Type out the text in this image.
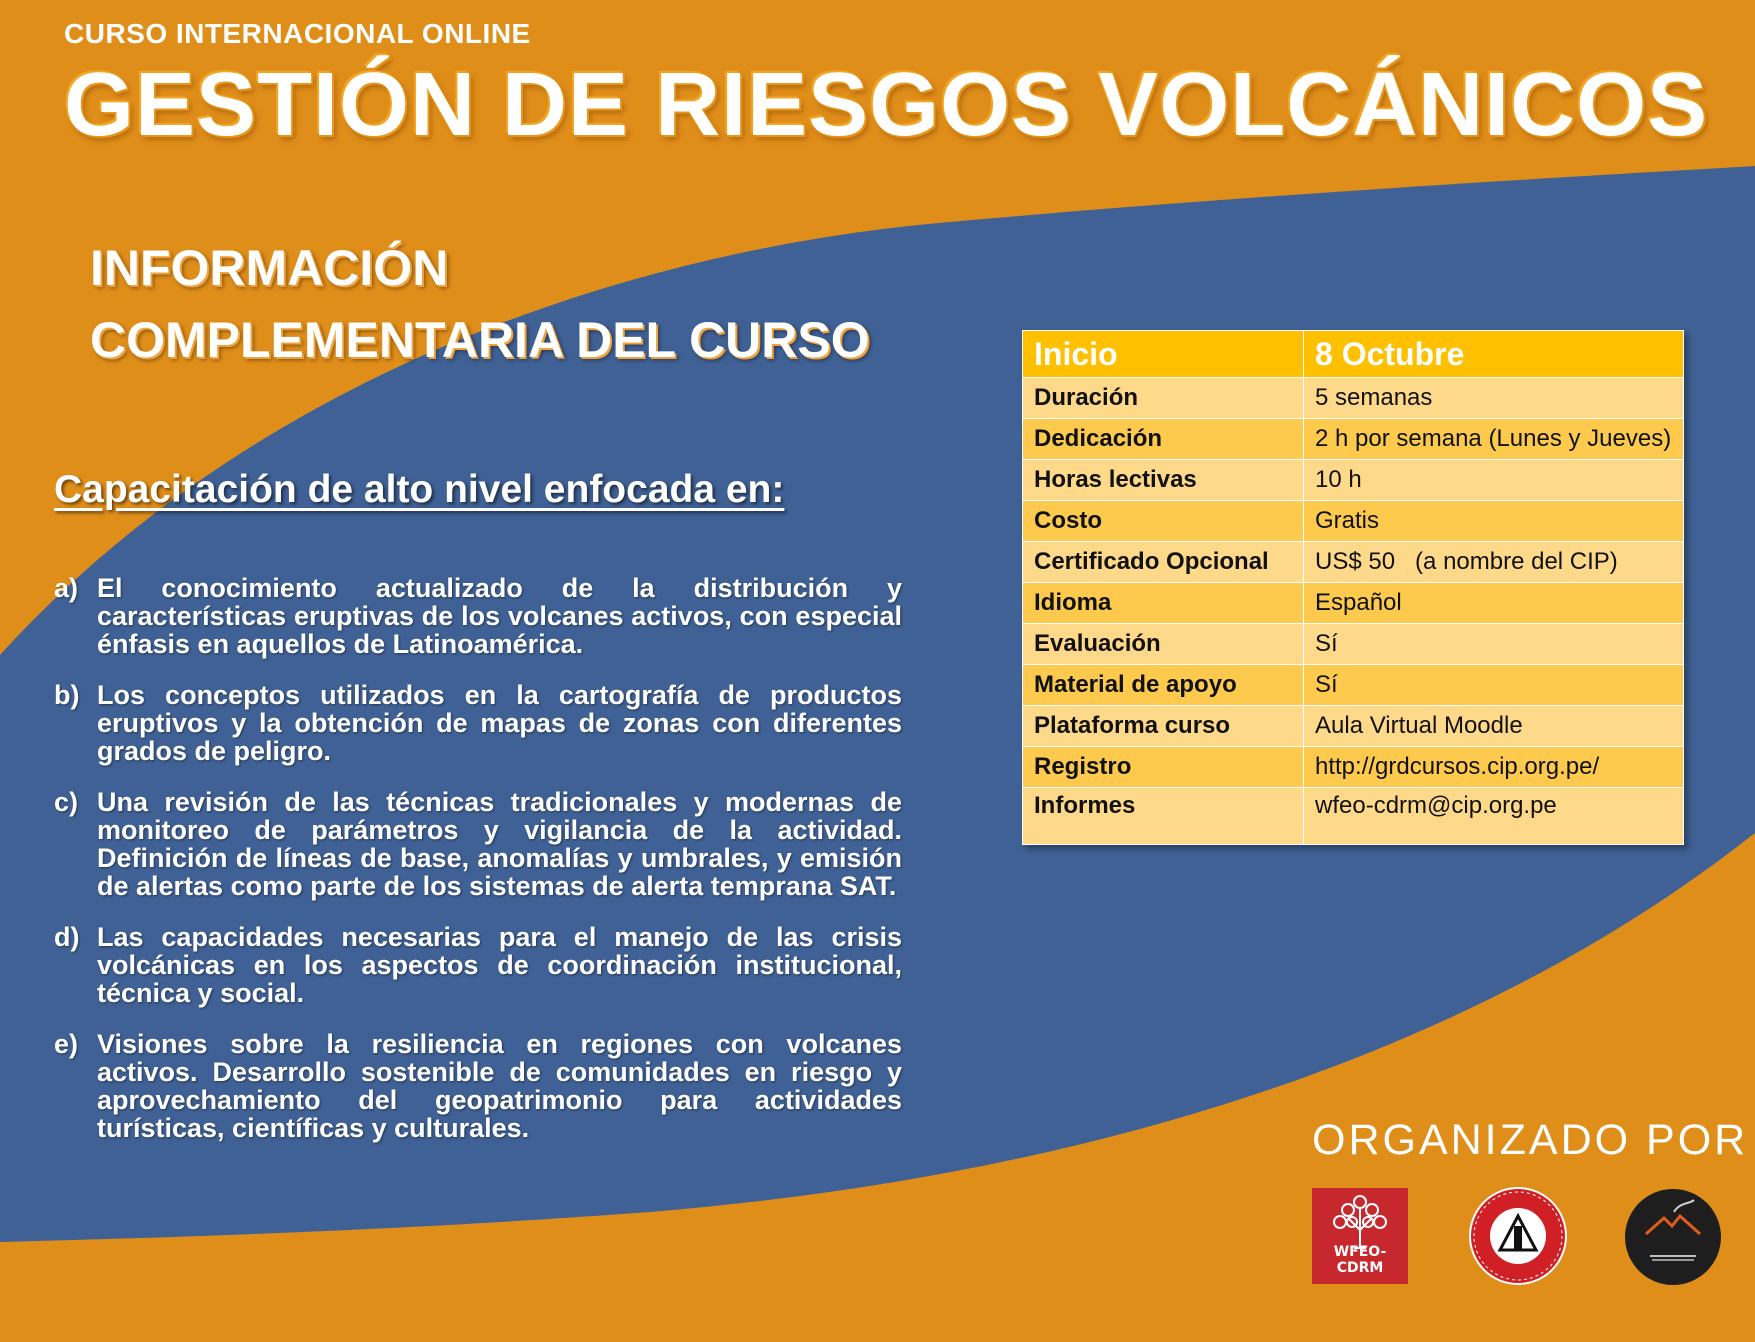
CURSO INTERNACIONAL ONLINE
GESTIÓN DE RIESGOS VOLCÁNICOS
INFORMACIÓN
COMPLEMENTARIA DEL CURSO
Capacitación de alto nivel enfocada en:
a) El conocimiento actualizado de la distribución y características eruptivas de los volcanes activos, con especial énfasis en aquellos de Latinoamérica.
b) Los conceptos utilizados en la cartografía de productos eruptivos y la obtención de mapas de zonas con diferentes grados de peligro.
c) Una revisión de las técnicas tradicionales y modernas de monitoreo de parámetros y vigilancia de la actividad. Definición de líneas de base, anomalías y umbrales, y emisión de alertas como parte de los sistemas de alerta temprana SAT.
d) Las capacidades necesarias para el manejo de las crisis volcánicas en los aspectos de coordinación institucional, técnica y social.
e) Visiones sobre la resiliencia en regiones con volcanes activos. Desarrollo sostenible de comunidades en riesgo y aprovechamiento del geopatrimonio para actividades turísticas, científicas y culturales.
Inicio	8 Octubre
Duración	5 semanas
Dedicación	2 h por semana (Lunes y Jueves)
Horas lectivas	10 h
Costo	Gratis
Certificado Opcional	US$ 50   (a nombre del CIP)
Idioma	Español
Evaluación	Sí
Material de apoyo	Sí
Plataforma curso	Aula Virtual Moodle
Registro	http://grdcursos.cip.org.pe/
Informes	wfeo-cdrm@cip.org.pe
ORGANIZADO POR
WFEO-CDRM
